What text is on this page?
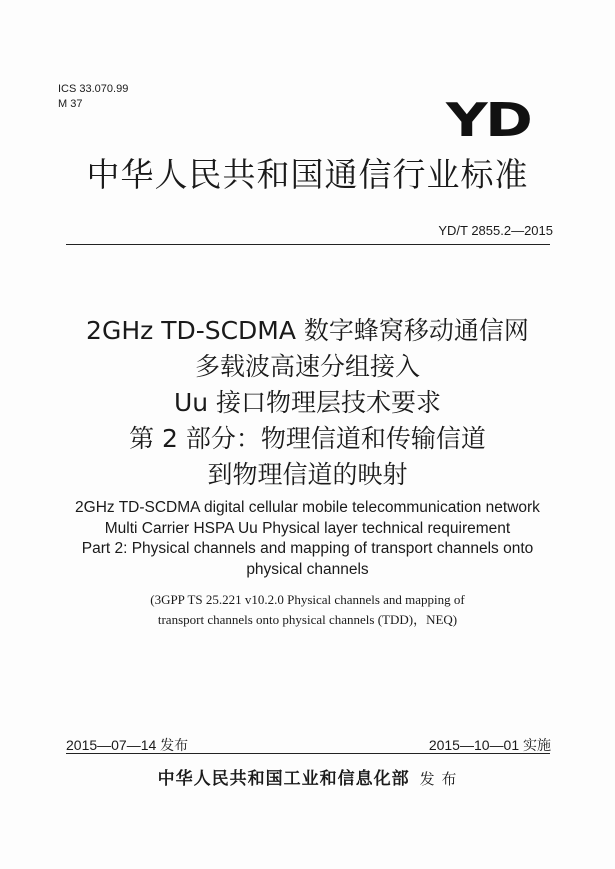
ICS 33.070.99
M 37	YD
中华人民共和国通信行业标准
YD/T 2855.2—2015
2GHz TD-SCDMA 数字蜂窝移动通信网
多载波高速分组接入
Uu 接口物理层技术要求
第 2 部分：物理信道和传输信道
到物理信道的映射
2GHz TD-SCDMA digital cellular mobile telecommunication network
Multi Carrier HSPA Uu Physical layer technical requirement
Part 2: Physical channels and mapping of transport channels onto
physical channels
(3GPP TS 25.221 v10.2.0 Physical channels and mapping of
transport channels onto physical channels (TDD)，NEQ)
2015—07—14 发布	2015—10—01 实施
中华人民共和国工业和信息化部 发 布
